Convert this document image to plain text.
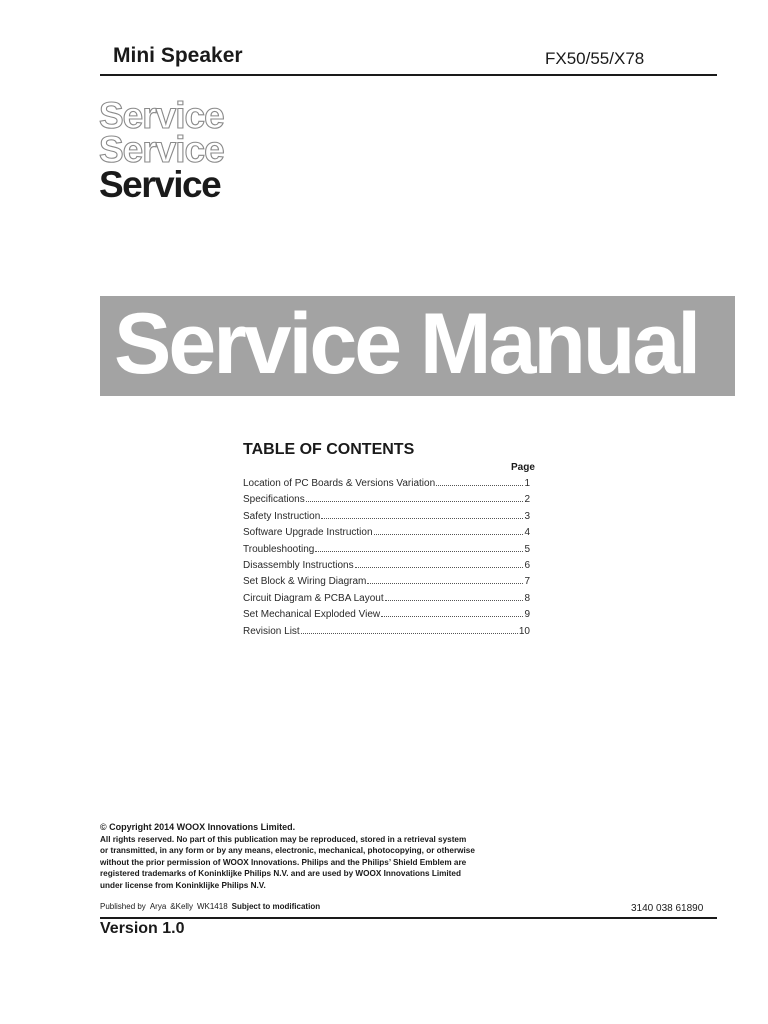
Mini Speaker	FX50/55/X78
Service
Service
Service
Service Manual
TABLE OF CONTENTS
Page
Location of PC Boards & Versions Variation	1
Specifications	2
Safety Instruction	3
Software Upgrade Instruction	4
Troubleshooting	5
Disassembly Instructions	6
Set Block & Wiring Diagram	7
Circuit Diagram & PCBA Layout	8
Set Mechanical Exploded View	9
Revision List	10
© Copyright 2014 WOOX Innovations Limited.
All rights reserved. No part of this publication may be reproduced, stored in a retrieval system
or transmitted, in any form or by any means, electronic, mechanical, photocopying, or otherwise
without the prior permission of WOOX Innovations. Philips and the Philips’ Shield Emblem are
registered trademarks of Koninklijke Philips N.V. and are used by WOOX Innovations Limited
under license from Koninklijke Philips N.V.
Published by Arya &Kelly WK1418 Subject to modification	3140 038 61890
Version 1.0
